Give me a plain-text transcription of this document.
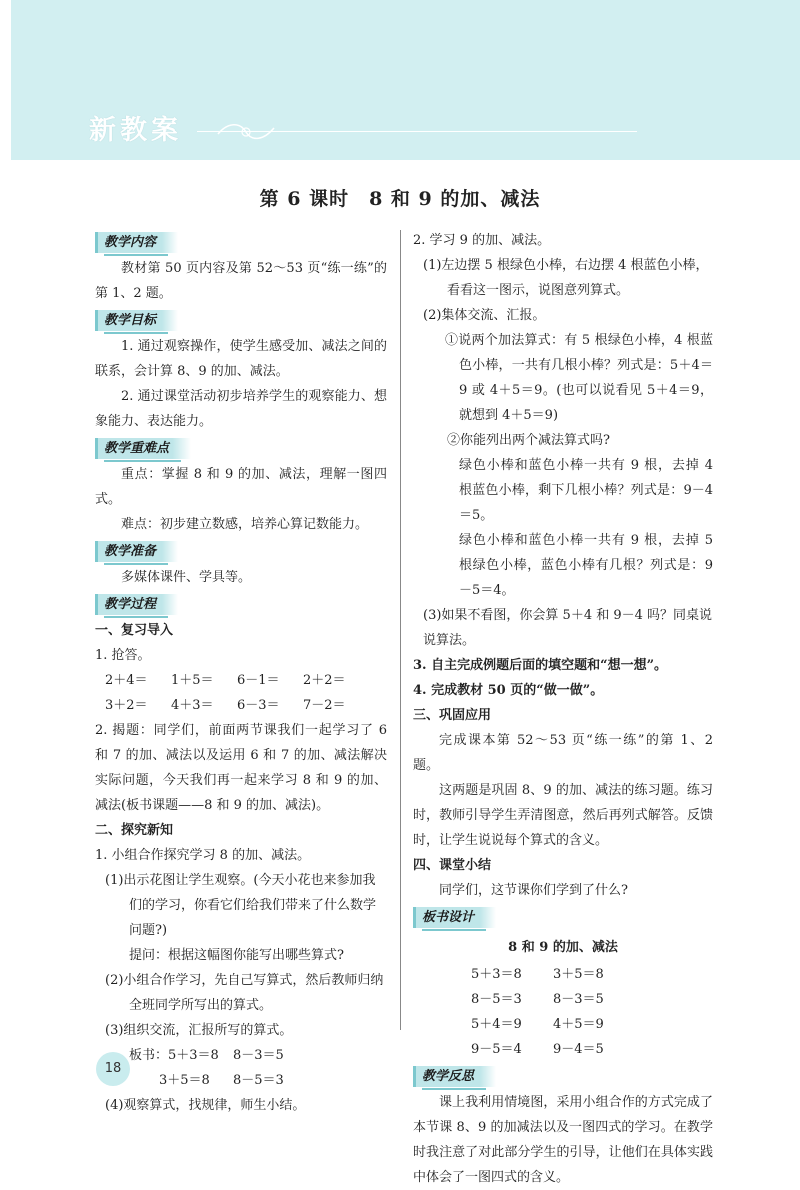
新教案
第 6 课时　8 和 9 的加、减法
教学内容
教材第 50 页内容及第 52～53 页“练一练”的第 1、2 题。
教学目标
1. 通过观察操作，使学生感受加、减法之间的联系，会计算 8、9 的加、减法。
2. 通过课堂活动初步培养学生的观察能力、想象能力、表达能力。
教学重难点
重点：掌握 8 和 9 的加、减法，理解一图四式。
难点：初步建立数感，培养心算记数能力。
教学准备
多媒体课件、学具等。
教学过程
一、复习导入
1. 抢答。
2＋4＝ 1＋5＝ 6－1＝ 2＋2＝
3＋2＝ 4＋3＝ 6－3＝ 7－2＝
2. 揭题：同学们，前面两节课我们一起学习了 6 和 7 的加、减法以及运用 6 和 7 的加、减法解决实际问题，今天我们再一起来学习 8 和 9 的加、减法(板书课题——8 和 9 的加、减法)。
二、探究新知
1. 小组合作探究学习 8 的加、减法。
(1)出示花图让学生观察。(今天小花也来参加我们的学习，你看它们给我们带来了什么数学问题?)
提问：根据这幅图你能写出哪些算式?
(2)小组合作学习，先自己写算式，然后教师归纳全班同学所写出的算式。
(3)组织交流，汇报所写的算式。
板书：5＋3＝8 8－3＝5
3＋5＝8 8－5＝3
(4)观察算式，找规律，师生小结。
2. 学习 9 的加、减法。
(1)左边摆 5 根绿色小棒，右边摆 4 根蓝色小棒，看看这一图示，说图意列算式。
(2)集体交流、汇报。
①说两个加法算式：有 5 根绿色小棒，4 根蓝色小棒，一共有几根小棒？列式是：5＋4＝9 或 4＋5＝9。(也可以说看见 5＋4＝9，就想到 4＋5＝9)
②你能列出两个减法算式吗?
绿色小棒和蓝色小棒一共有 9 根，去掉 4 根蓝色小棒，剩下几根小棒？列式是：9－4＝5。
绿色小棒和蓝色小棒一共有 9 根，去掉 5 根绿色小棒，蓝色小棒有几根？列式是：9－5＝4。
(3)如果不看图，你会算 5＋4 和 9－4 吗？同桌说说算法。
3. 自主完成例题后面的填空题和“想一想”。
4. 完成教材 50 页的“做一做”。
三、巩固应用
完成课本第 52～53 页“练一练”的第 1、2 题。
这两题是巩固 8、9 的加、减法的练习题。练习时，教师引导学生弄清图意，然后再列式解答。反馈时，让学生说说每个算式的含义。
四、课堂小结
同学们，这节课你们学到了什么?
板书设计
8 和 9 的加、减法
5＋3＝8 3＋5＝8
8－5＝3 8－3＝5
5＋4＝9 4＋5＝9
9－5＝4 9－4＝5
教学反思
课上我利用情境图，采用小组合作的方式完成了本节课 8、9 的加减法以及一图四式的学习。在教学时我注意了对此部分学生的引导，让他们在具体实践中体会了一图四式的含义。
18
